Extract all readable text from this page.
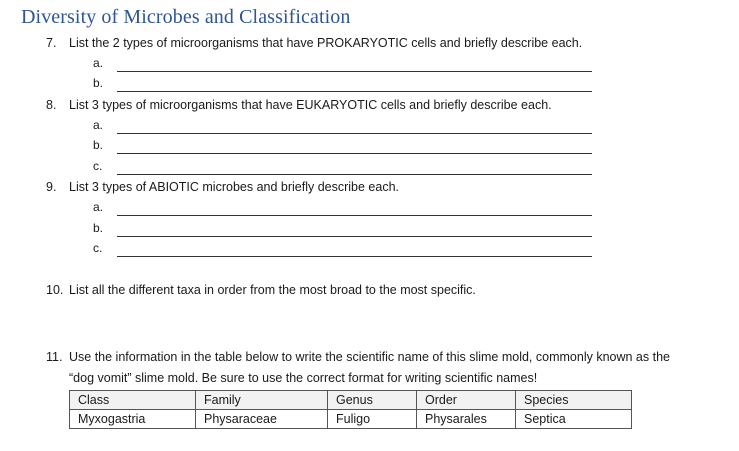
Diversity of Microbes and Classification
7. List the 2 types of microorganisms that have PROKARYOTIC cells and briefly describe each.
a.
b.
8. List 3 types of microorganisms that have EUKARYOTIC cells and briefly describe each.
a.
b.
c.
9. List 3 types of ABIOTIC microbes and briefly describe each.
a.
b.
c.
10. List all the different taxa in order from the most broad to the most specific.
11. Use the information in the table below to write the scientific name of this slime mold, commonly known as the
“dog vomit” slime mold. Be sure to use the correct format for writing scientific names!
Class	Family	Genus	Order	Species
Myxogastria	Physaraceae	Fuligo	Physarales	Septica
